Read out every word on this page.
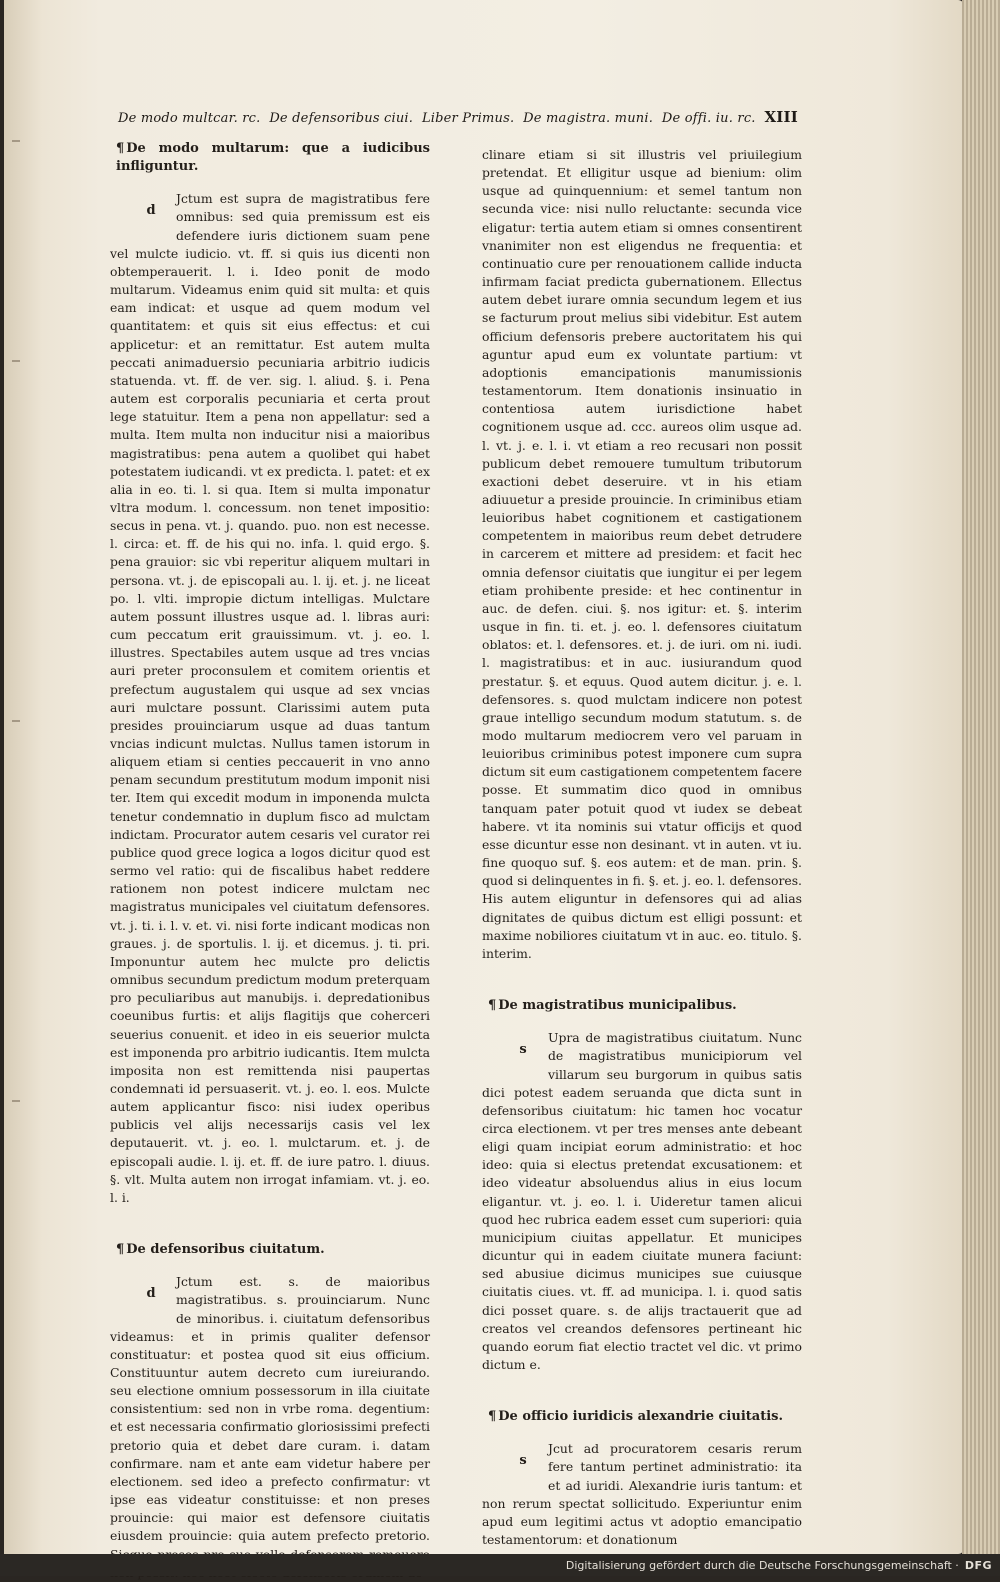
De modo multcar. rc. De defensoribus ciui. Liber Primus. De magistra. muni. De offi. iu. rc. XIII

¶ De modo multarum: que a iudicibus infliguntur.

d
Jctum est supra de magistratibus fere omnibus: sed quia premissum est eis defendere iuris dictionem suam pene vel mulcte iudicio. vt. ff. si quis ius dicenti non obtemperauerit. l. i. Ideo ponit de modo multarum. Videamus enim quid sit multa: et quis eam indicat: et usque ad quem modum vel quantitatem: et quis sit eius effectus: et cui applicetur: et an remittatur. Est autem multa peccati animaduersio pecuniaria arbitrio iudicis statuenda. vt. ff. de ver. sig. l. aliud. §. i. Pena autem est corporalis pecuniaria et certa prout lege statuitur. Item a pena non appellatur: sed a multa. Item multa non inducitur nisi a maioribus magistratibus: pena autem a quolibet qui habet potestatem iudicandi. vt ex predicta. l. patet: et ex alia in eo. ti. l. si qua. Item si multa imponatur vltra modum. l. concessum. non tenet impositio: secus in pena. vt. j. quando. puo. non est necesse. l. circa: et. ff. de his qui no. infa. l. quid ergo. §. pena grauior: sic vbi reperitur aliquem multari in persona. vt. j. de episcopali au. l. ij. et. j. ne liceat po. l. vlti. impropie dictum intelligas. Mulctare autem possunt illustres usque ad. l. libras auri: cum peccatum erit grauissimum. vt. j. eo. l. illustres. Spectabiles autem usque ad tres vncias auri preter proconsulem et comitem orientis et prefectum augustalem qui usque ad sex vncias auri mulctare possunt. Clarissimi autem puta presides prouinciarum usque ad duas tantum vncias indicunt mulctas. Nullus tamen istorum in aliquem etiam si centies peccauerit in vno anno penam secundum prestitutum modum imponit nisi ter. Item qui excedit modum in imponenda mulcta tenetur condemnatio in duplum fisco ad mulctam indictam. Procurator autem cesaris vel curator rei publice quod grece logica a logos dicitur quod est sermo vel ratio: qui de fiscalibus habet reddere rationem non potest indicere mulctam nec magistratus municipales vel ciuitatum defensores. vt. j. ti. i. l. v. et. vi. nisi forte indicant modicas non graues. j. de sportulis. l. ij. et dicemus. j. ti. pri. Imponuntur autem hec mulcte pro delictis omnibus secundum predictum modum preterquam pro peculiaribus aut manubijs. i. depredationibus coeunibus furtis: et alijs flagitijs que coherceri seuerius conuenit. et ideo in eis seuerior mulcta est imponenda pro arbitrio iudicantis. Item mulcta imposita non est remittenda nisi paupertas condemnati id persuaserit. vt. j. eo. l. eos. Mulcte autem applicantur fisco: nisi iudex operibus publicis vel alijs necessarijs casis vel lex deputauerit. vt. j. eo. l. mulctarum. et. j. de episcopali audie. l. ij. et. ff. de iure patro. l. diuus. §. vlt. Multa autem non irrogat infamiam. vt. j. eo. l. i.

¶ De defensoribus ciuitatum.

d
Jctum est. s. de maioribus magistratibus. s. prouinciarum. Nunc de minoribus. i. ciuitatum defensoribus videamus: et in primis qualiter defensor constituatur: et postea quod sit eius officium. Constituuntur autem decreto cum iureiurando. seu electione omnium possessorum in illa ciuitate consistentium: sed non in vrbe roma. degentium: et est necessaria confirmatio gloriosissimi prefecti pretorio quia et debet dare curam. i. datam confirmare. nam et ante eam videtur habere per electionem. sed ideo a prefecto confirmatur: vt ipse eas videatur constituisse: et non preses prouincie: qui maior est defensore ciuitatis eiusdem prouincie: quia autem prefecto pretorio.

clinare etiam si sit illustris vel priuilegium pretendat. Et elligitur usque ad bienium: olim usque ad quinquennium: et semel tantum non secunda vice: nisi nullo reluctante: secunda vice eligatur: tertia autem etiam si omnes consentirent vnanimiter non est eligendus ne frequentia: et continuatio cure per renouationem callide inducta infirmam faciat predicta gubernationem. Ellectus autem debet iurare omnia secundum legem et ius se facturum prout melius sibi videbitur. Est autem officium defensoris prebere auctoritatem his qui aguntur apud eum ex voluntate partium: vt adoptionis emancipationis manumissionis testamentorum. Item donationis insinuatio in contentiosa autem iurisdictione habet cognitionem usque ad. ccc. aureos olim usque ad. l. vt. j. e. l. i. vt etiam a reo recusari non possit publicum debet remouere tumultum tributorum exactioni debet deseruire. vt in his etiam adiuuetur a preside prouincie. In criminibus etiam leuioribus habet cognitionem et castigationem competentem in maioribus reum debet detrudere in carcerem et mittere ad presidem: et facit hec omnia defensor ciuitatis que iungitur ei per legem etiam prohibente preside: et hec continentur in auc. de defen. ciui. §. nos igitur: et. §. interim usque in fin. ti. et. j. eo. l. defensores ciuitatum oblatos: et. l. defensores. et. j. de iuri. om ni. iudi. l. magistratibus: et in auc. iusiurandum quod prestatur. §. et equus. Quod autem dicitur. j. e. l. defensores. s. quod mulctam indicere non potest graue intelligo secundum modum statutum. s. de modo multarum mediocrem vero vel paruam in leuioribus criminibus potest imponere cum supra dictum sit eum castigationem competentem facere posse. Et summatim dico quod in omnibus tanquam pater potuit quod vt iudex se debeat habere. vt ita nominis sui vtatur officijs et quod esse dicuntur esse non desinant. vt in auten. vt iu. fine quoquo suf. §. eos autem: et de man. prin. §. quod si delinquentes in fi. §. et. j. eo. l. defensores. His autem eliguntur in defensores qui ad alias dignitates de quibus dictum est elligi possunt: et maxime nobiliores ciuitatum vt in auc. eo. titulo. §. interim.

¶ De magistratibus municipalibus.

s
Upra de magistratibus ciuitatum. Nunc de magistratibus municipiorum vel villarum seu burgorum in quibus satis dici potest eadem seruanda que dicta sunt in defensoribus ciuitatum: hic tamen hoc vocatur circa electionem. vt per tres menses ante debeant eligi quam incipiat eorum administratio: et hoc ideo: quia si electus pretendat excusationem: et ideo videatur absoluendus alius in eius locum eligantur. vt. j. eo. l. i. Uideretur tamen alicui quod hec rubrica eadem esset cum superiori: quia municipium ciuitas appellatur. Et municipes dicuntur qui in eadem ciuitate munera faciunt: sed abusiue dicimus municipes sue cuiusque ciuitatis ciues. vt. ff. ad municipa. l. i. quod satis dici posset quare. s. de alijs tractauerit que ad creatos vel creandos defensores pertineant hic quando eorum fiat electio tractet vel dic. vt primo dictum e.

¶ De officio iuridicis alexandrie ciuitatis.

s
Jcut ad procuratorem cesaris rerum fere tantum pertinet administratio: ita et ad iuridi. Alexandrie iuris tantum: et non rerum spectat sollicitudo. Experiuntur enim apud eum legitimi actus vt adoptio emancipatio testamentorum: et donationum

Digitalisierung gefördert durch die Deutsche Forschungsgemeinschaft · DFG
